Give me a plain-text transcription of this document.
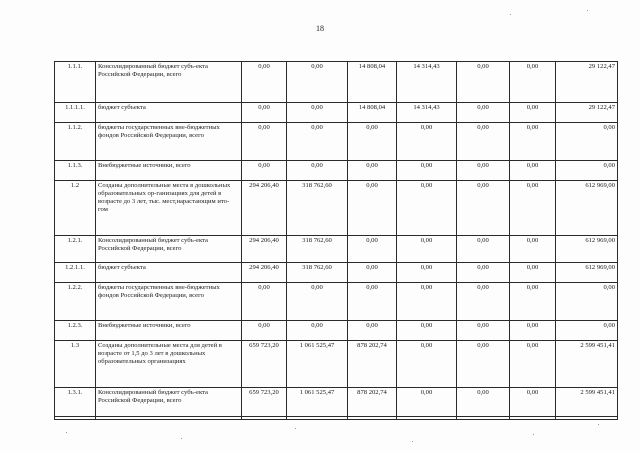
18
1.1.1.	Консолидированный бюджет субъ-екта Российской Федерации, всего	0,00	0,00	14 808,04	14 314,43	0,00	0,00	29 122,47
1.1.1.1.	бюджет субъекта	0,00	0,00	14 808,04	14 314,43	0,00	0,00	29 122,47
1.1.2.	бюджеты государственных вне-бюджетных фондов Российской Федерации, всего	0,00	0,00	0,00	0,00	0,00	0,00	0,00
1.1.3.	Внебюджетные источники, всего	0,00	0,00	0,00	0,00	0,00	0,00	0,00
1.2	Созданы дополнительные места в дошкольных образовательных ор-ганизациях для детей в возрасте до 3 лет, тыс. мест,нарастающим ито-гом	294 206,40	318 762,60	0,00	0,00	0,00	0,00	612 969,00
1.2.1.	Консолидированный бюджет субъ-екта Российской Федерации, всего	294 206,40	318 762,60	0,00	0,00	0,00	0,00	612 969,00
1.2.1.1.	бюджет субъекта	294 206,40	318 762,60	0,00	0,00	0,00	0,00	612 969,00
1.2.2.	бюджеты государственных вне-бюджетных фондов Российской Федерации, всего	0,00	0,00	0,00	0,00	0,00	0,00	0,00
1.2.3.	Внебюджетные источники, всего	0,00	0,00	0,00	0,00	0,00	0,00	0,00
1.3	Созданы дополнительные места для детей в возрасте от 1,5 до 3 лет в дошкольных образовательных организациях	659 723,20	1 061 525,47	878 202,74	0,00	0,00	0,00	2 599 451,41
1.3.1.	Консолидированный бюджет субъ-екта Российской Федерации, всего	659 723,20	1 061 525,47	878 202,74	0,00	0,00	0,00	2 599 451,41
